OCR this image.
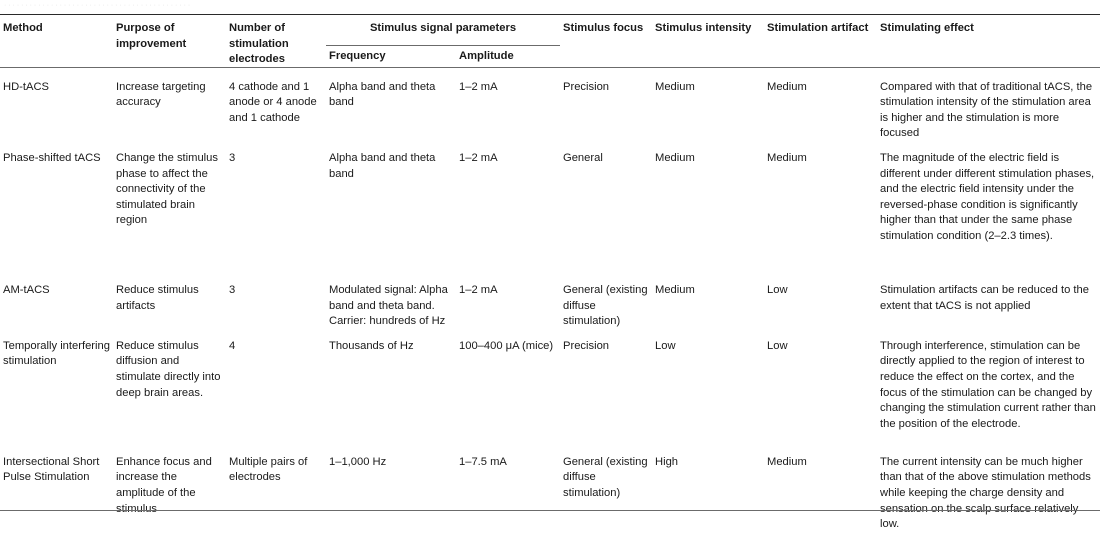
· · · · · · · · · · · · · · · · · · · · · · · · · · · · · · · · · · · · · · · · · · · ·
Method	Purpose of improvement	Number of stimulation electrodes	Stimulus signal parameters		Stimulus focus	Stimulus intensity	Stimulation artifact	Stimulating effect
			Frequency	Amplitude				
HD-tACS	Increase targeting accuracy	4 cathode and 1 anode or 4 anode and 1 cathode	Alpha band and theta band	1–2 mA	Precision	Medium	Medium	Compared with that of traditional tACS, the stimulation intensity of the stimulation area is higher and the stimulation is more focused
Phase-shifted tACS	Change the stimulus phase to affect the connectivity of the stimulated brain region	3	Alpha band and theta band	1–2 mA	General	Medium	Medium	The magnitude of the electric field is different under different stimulation phases, and the electric field intensity under the reversed-phase condition is significantly higher than that under the same phase stimulation condition (2–2.3 times).
AM-tACS	Reduce stimulus artifacts	3	Modulated signal: Alpha band and theta band. Carrier: hundreds of Hz	1–2 mA	General (existing diffuse stimulation)	Medium	Low	Stimulation artifacts can be reduced to the extent that tACS is not applied
Temporally interfering stimulation	Reduce stimulus diffusion and stimulate directly into deep brain areas.	4	Thousands of Hz	100–400 μA (mice)	Precision	Low	Low	Through interference, stimulation can be directly applied to the region of interest to reduce the effect on the cortex, and the focus of the stimulation can be changed by changing the stimulation current rather than the position of the electrode.
Intersectional Short Pulse Stimulation	Enhance focus and increase the amplitude of the stimulus	Multiple pairs of electrodes	1–1,000 Hz	1–7.5 mA	General (existing diffuse stimulation)	High	Medium	The current intensity can be much higher than that of the above stimulation methods while keeping the charge density and sensation on the scalp surface relatively low.
